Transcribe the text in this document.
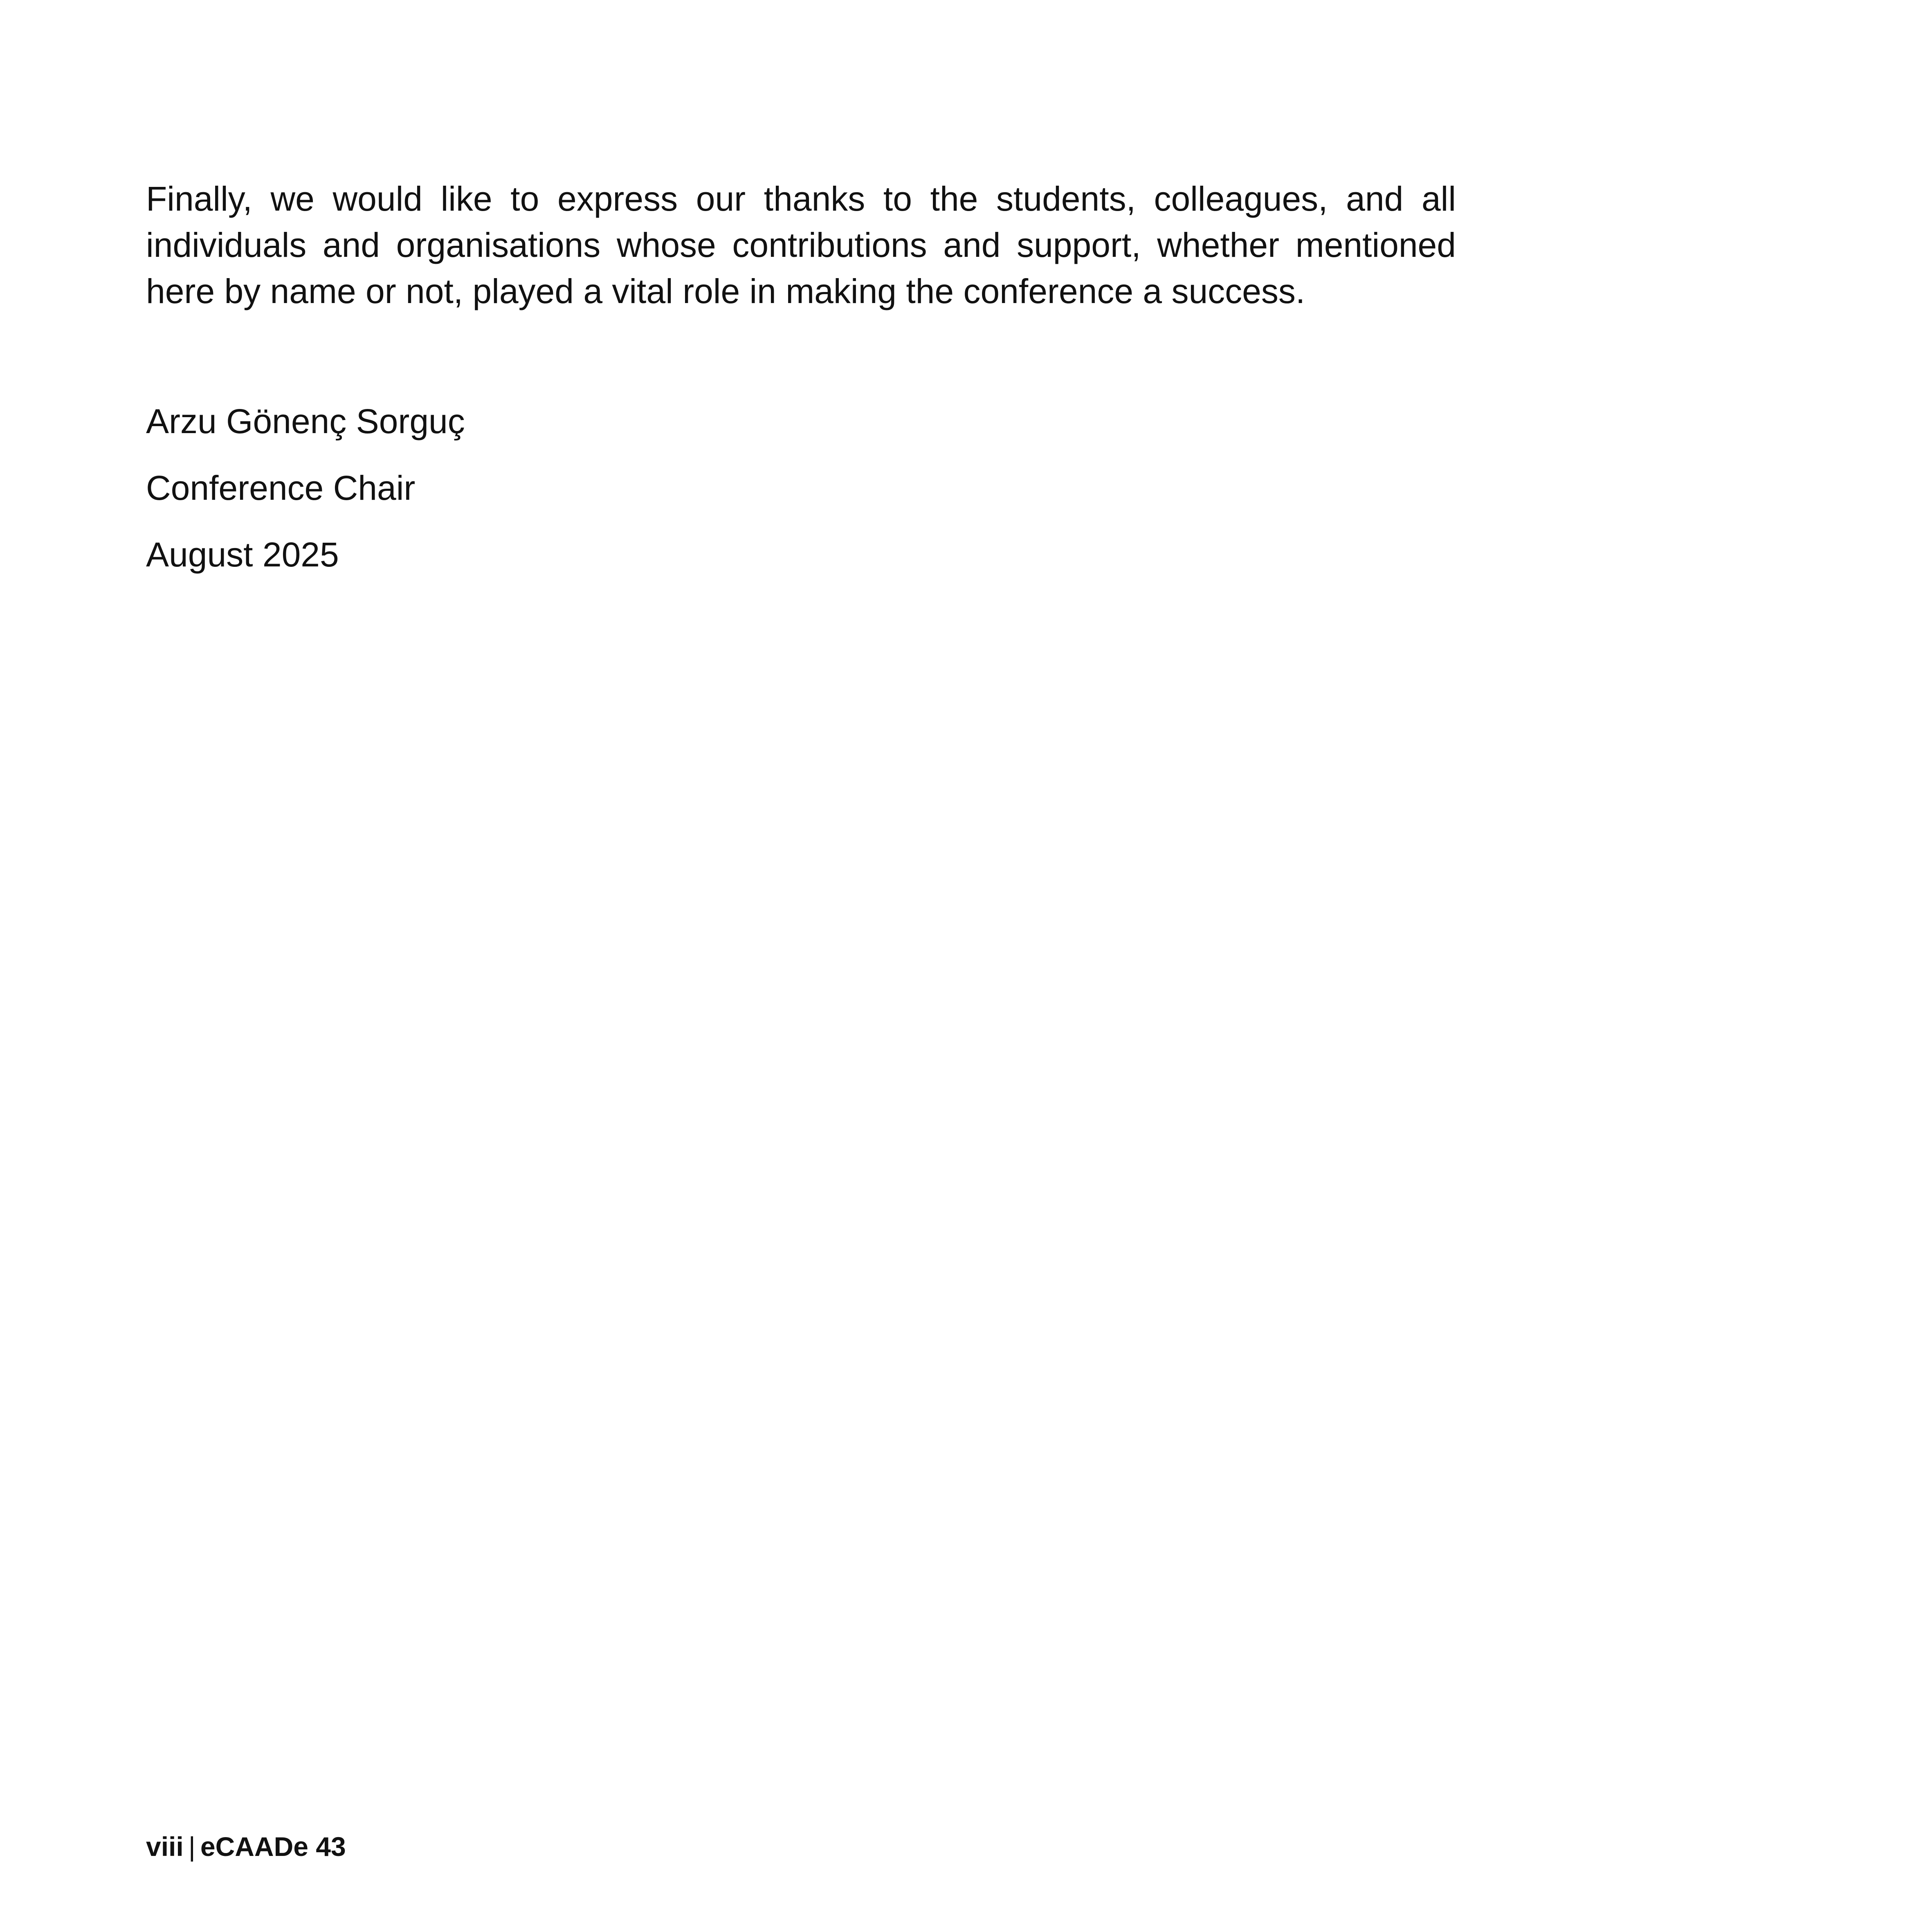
Finally, we would like to express our thanks to the students, colleagues, and all individuals and organisations whose contributions and support, whether mentioned here by name or not, played a vital role in making the conference a success.

Arzu Gönenç Sorguç

Conference Chair

August 2025

viii | eCAADe 43
